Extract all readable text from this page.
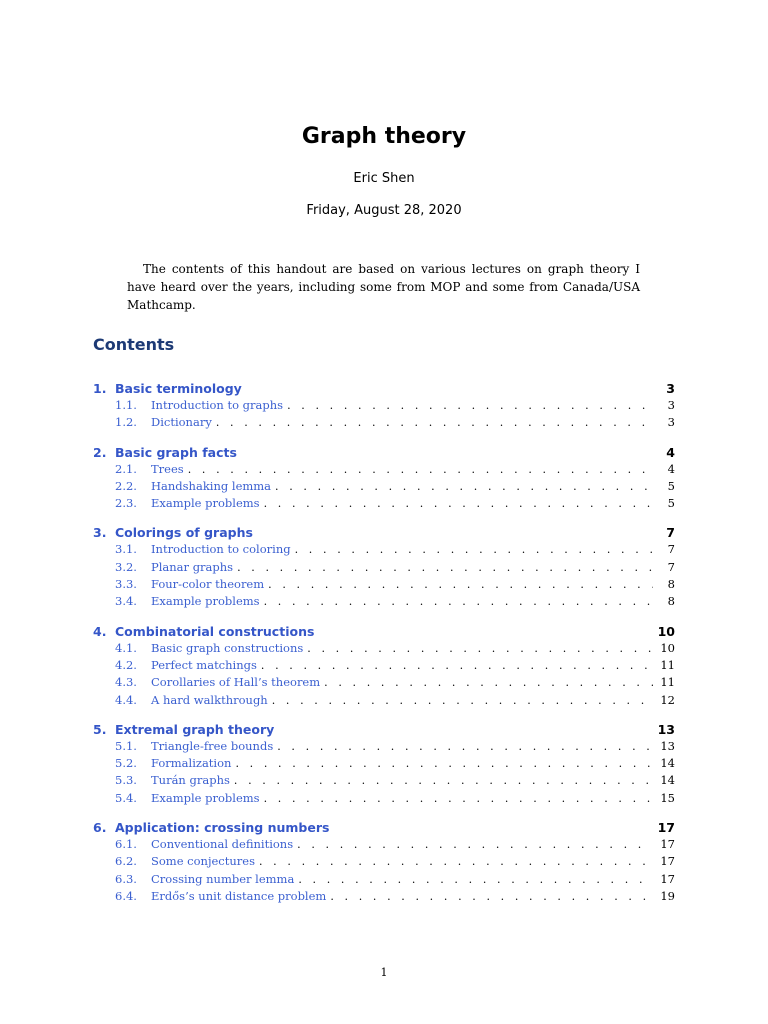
Graph theory
Eric Shen
Friday, August 28, 2020
The contents of this handout are based on various lectures on graph theory I have heard over the years, including some from MOP and some from Canada/USA Mathcamp.
Contents
1. Basic terminology	3
1.1.	Introduction to graphs . . .	3
1.2.	Dictionary . . .	3
2. Basic graph facts	4
2.1.	Trees . . .	4
2.2.	Handshaking lemma . . .	5
2.3.	Example problems . . .	5
3. Colorings of graphs	7
3.1.	Introduction to coloring . . .	7
3.2.	Planar graphs . . .	7
3.3.	Four-color theorem . . .	8
3.4.	Example problems . . .	8
4. Combinatorial constructions	10
4.1.	Basic graph constructions . . .	10
4.2.	Perfect matchings . . .	11
4.3.	Corollaries of Hall’s theorem . . .	11
4.4.	A hard walkthrough . . .	12
5. Extremal graph theory	13
5.1.	Triangle-free bounds . . .	13
5.2.	Formalization . . .	14
5.3.	Turán graphs . . .	14
5.4.	Example problems . . .	15
6. Application: crossing numbers	17
6.1.	Conventional definitions . . .	17
6.2.	Some conjectures . . .	17
6.3.	Crossing number lemma . . .	17
6.4.	Erdős’s unit distance problem . . .	19
1
